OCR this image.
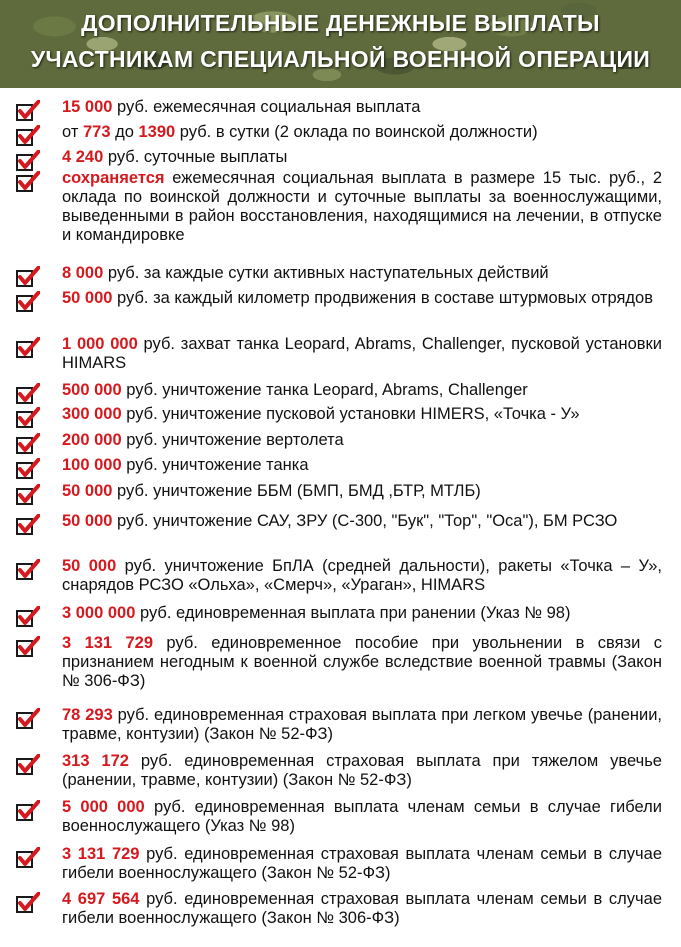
ДОПОЛНИТЕЛЬНЫЕ ДЕНЕЖНЫЕ ВЫПЛАТЫ
УЧАСТНИКАМ СПЕЦИАЛЬНОЙ ВОЕННОЙ ОПЕРАЦИИ
15 000 руб. ежемесячная социальная выплата
от 773 до 1390 руб. в сутки (2 оклада по воинской должности)
4 240 руб. суточные выплаты
сохраняется ежемесячная социальная выплата в размере 15 тыс. руб., 2 оклада по воинской должности и суточные выплаты за военнослужащими, выведенными в район восстановления, находящимися на лечении, в отпуске и командировке
8 000 руб. за каждые сутки активных наступательных действий
50 000 руб. за каждый километр продвижения в составе штурмовых отрядов
1 000 000 руб. захват танка Leopard, Abrams, Challenger, пусковой установки HIMARS
500 000 руб. уничтожение танка Leopard, Abrams, Challenger
300 000 руб. уничтожение пусковой установки HIMERS, «Точка - У»
200 000 руб. уничтожение вертолета
100 000 руб. уничтожение танка
50 000 руб. уничтожение ББМ (БМП, БМД ,БТР, МТЛБ)
50 000 руб. уничтожение САУ, ЗРУ (С-300, "Бук", "Тор", "Оса"), БМ РСЗО
50 000 руб. уничтожение БпЛА (средней дальности), ракеты «Точка – У», снарядов РСЗО «Ольха», «Смерч», «Ураган», HIMARS
3 000 000 руб. единовременная выплата при ранении (Указ № 98)
3 131 729 руб. единовременное пособие при увольнении в связи с признанием негодным к военной службе вследствие военной травмы (Закон № 306-ФЗ)
78 293 руб. единовременная страховая выплата при легком увечье (ранении, травме, контузии) (Закон № 52-ФЗ)
313 172 руб. единовременная страховая выплата при тяжелом увечье (ранении, травме, контузии) (Закон № 52-ФЗ)
5 000 000 руб. единовременная выплата членам семьи в случае гибели военнослужащего (Указ № 98)
3 131 729 руб. единовременная страховая выплата членам семьи в случае гибели военнослужащего (Закон № 52-ФЗ)
4 697 564 руб. единовременная страховая выплата членам семьи в случае гибели военнослужащего (Закон № 306-ФЗ)
